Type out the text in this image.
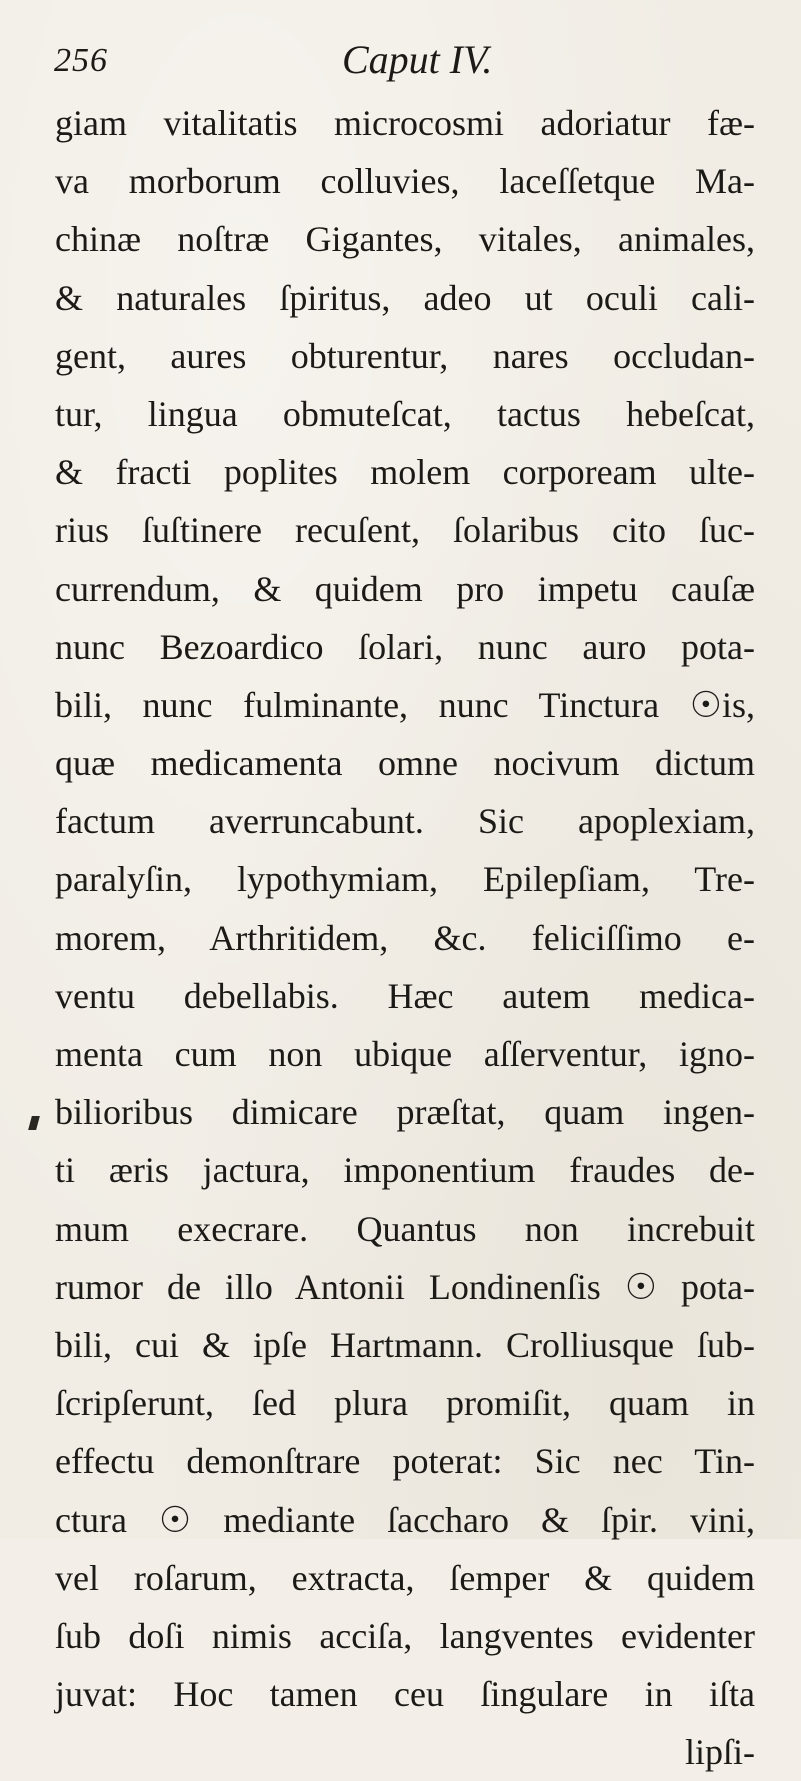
256	Caput IV.
giam vitalitatis microcosmi adoriatur fæ-
va morborum colluvies, laceſſetque Ma-
chinæ noſtræ Gigantes, vitales, animales,
& naturales ſpiritus, adeo ut oculi cali-
gent, aures obturentur, nares occludan-
tur, lingua obmuteſcat, tactus hebeſcat,
& fracti poplites molem corpoream ulte-
rius ſuſtinere recuſent, ſolaribus cito ſuc-
currendum, & quidem pro impetu cauſæ
nunc Bezoardico ſolari, nunc auro pota-
bili, nunc fulminante, nunc Tinctura ☉is,
quæ medicamenta omne nocivum dictum
factum averruncabunt. Sic apoplexiam,
paralyſin, lypothymiam, Epilepſiam, Tre-
morem, Arthritidem, &c. feliciſſimo e-
ventu debellabis. Hæc autem medica-
menta cum non ubique aſſerventur, igno-
bilioribus dimicare præſtat, quam ingen-
ti æris jactura, imponentium fraudes de-
mum execrare. Quantus non increbuit
rumor de illo Antonii Londinenſis ☉ pota-
bili, cui & ipſe Hartmann. Crolliusque ſub-
ſcripſerunt, ſed plura promiſit, quam in
effectu demonſtrare poterat: Sic nec Tin-
ctura ☉ mediante ſaccharo & ſpir. vini,
vel roſarum, extracta, ſemper & quidem
ſub doſi nimis acciſa, langventes evidenter
juvat: Hoc tamen ceu ſingulare in iſta
lipſi-
